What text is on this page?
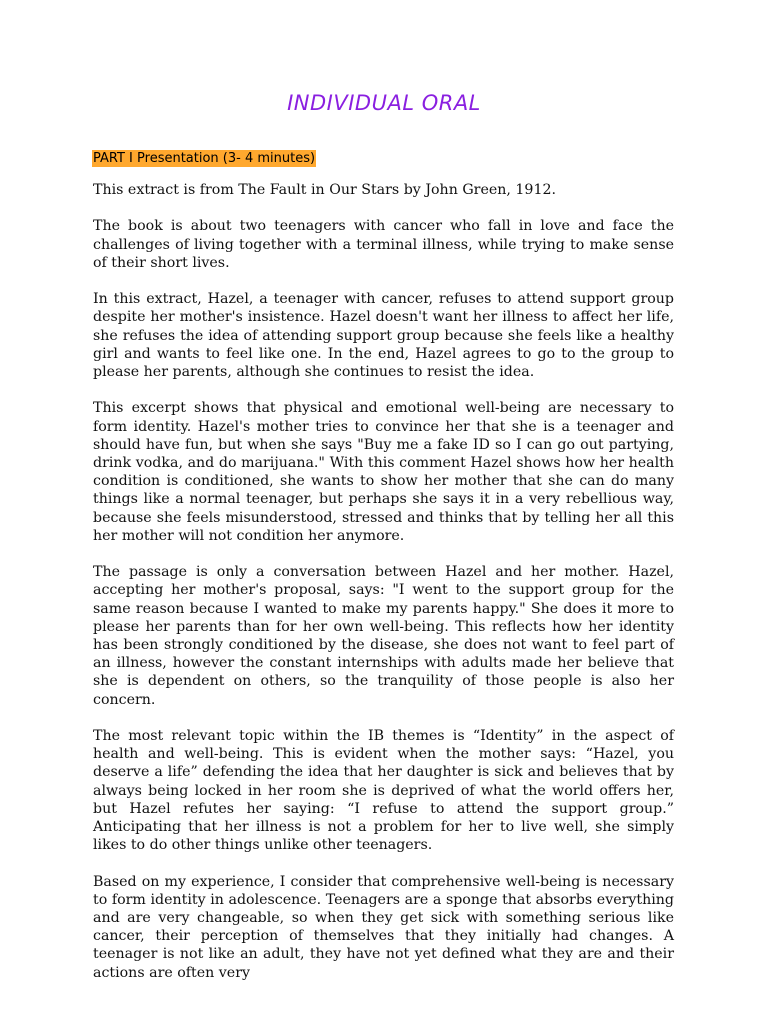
INDIVIDUAL ORAL
PART I Presentation (3- 4 minutes)

This extract is from The Fault in Our Stars by John Green, 1912.

The book is about two teenagers with cancer who fall in love and face the challenges of living together with a terminal illness, while trying to make sense of their short lives.

In this extract, Hazel, a teenager with cancer, refuses to attend support group despite her mother's insistence. Hazel doesn't want her illness to affect her life, she refuses the idea of attending support group because she feels like a healthy girl and wants to feel like one. In the end, Hazel agrees to go to the group to please her parents, although she continues to resist the idea.

This excerpt shows that physical and emotional well-being are necessary to form identity. Hazel's mother tries to convince her that she is a teenager and should have fun, but when she says "Buy me a fake ID so I can go out partying, drink vodka, and do marijuana." With this comment Hazel shows how her health condition is conditioned, she wants to show her mother that she can do many things like a normal teenager, but perhaps she says it in a very rebellious way, because she feels misunderstood, stressed and thinks that by telling her all this her mother will not condition her anymore.

The passage is only a conversation between Hazel and her mother. Hazel, accepting her mother's proposal, says: "I went to the support group for the same reason because I wanted to make my parents happy." She does it more to please her parents than for her own well-being. This reflects how her identity has been strongly conditioned by the disease, she does not want to feel part of an illness, however the constant internships with adults made her believe that she is dependent on others, so the tranquility of those people is also her concern.

The most relevant topic within the IB themes is “Identity” in the aspect of health and well-being. This is evident when the mother says: “Hazel, you deserve a life” defending the idea that her daughter is sick and believes that by always being locked in her room she is deprived of what the world offers her, but Hazel refutes her saying: “I refuse to attend the support group.” Anticipating that her illness is not a problem for her to live well, she simply likes to do other things unlike other teenagers.

Based on my experience, I consider that comprehensive well-being is necessary to form identity in adolescence. Teenagers are a sponge that absorbs everything and are very changeable, so when they get sick with something serious like cancer, their perception of themselves that they initially had changes. A teenager is not like an adult, they have not yet defined what they are and their actions are often very
